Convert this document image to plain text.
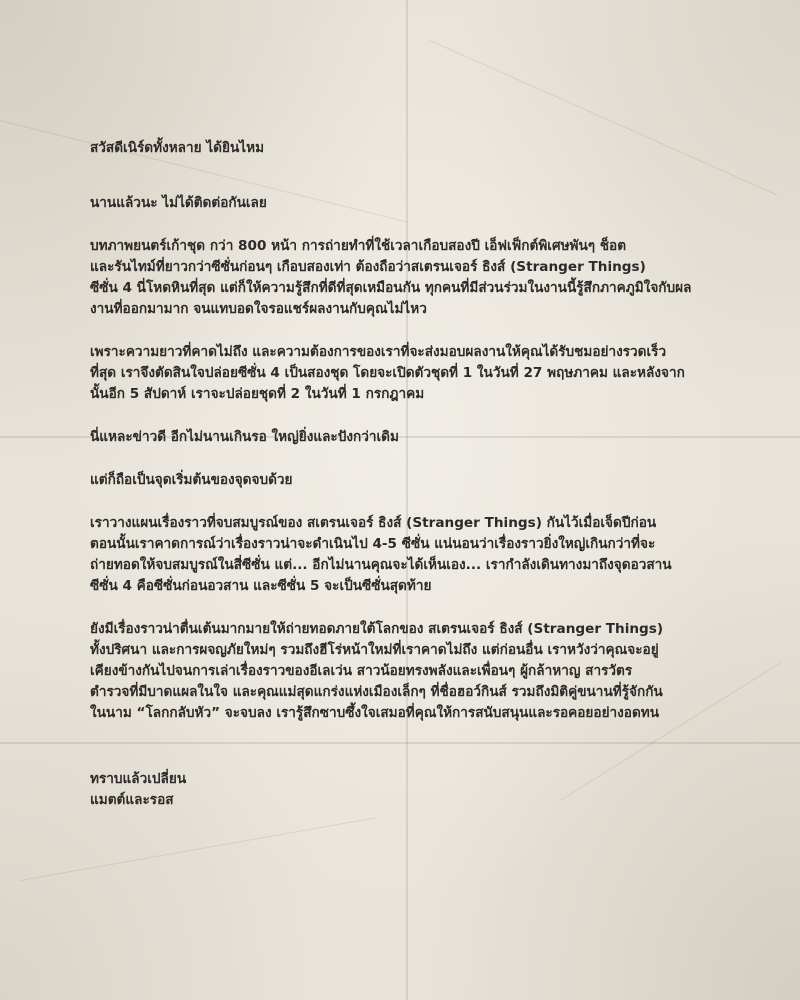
สวัสดีเนิร์ดทั้งหลาย ได้ยินไหม

นานแล้วนะ ไม่ได้ติดต่อกันเลย

บทภาพยนตร์เก้าชุด กว่า 800 หน้า การถ่ายทำที่ใช้เวลาเกือบสองปี เอ็ฟเฟ็กต์พิเศษพันๆ ช็อต
และรันไทม์ที่ยาวกว่าซีซั่นก่อนๆ เกือบสองเท่า ต้องถือว่าสเตรนเจอร์ ธิงส์ (Stranger Things)
ซีซั่น 4 นี่โหดหินที่สุด แต่ก็ให้ความรู้สึกที่ดีที่สุดเหมือนกัน ทุกคนที่มีส่วนร่วมในงานนี้รู้สึกภาคภูมิใจกับผล
งานที่ออกมามาก จนแทบอดใจรอแชร์ผลงานกับคุณไม่ไหว
เพราะความยาวที่คาดไม่ถึง และความต้องการของเราที่จะส่งมอบผลงานให้คุณได้รับชมอย่างรวดเร็ว
ที่สุด เราจึงตัดสินใจปล่อยซีซั่น 4 เป็นสองชุด โดยจะเปิดตัวชุดที่ 1 ในวันที่ 27 พฤษภาคม และหลังจาก
นั้นอีก 5 สัปดาห์ เราจะปล่อยชุดที่ 2 ในวันที่ 1 กรกฎาคม
นี่แหละข่าวดี อีกไม่นานเกินรอ ใหญ่ยิ่งและปังกว่าเดิม
แต่ก็ถือเป็นจุดเริ่มต้นของจุดจบด้วย
เราวางแผนเรื่องราวที่จบสมบูรณ์ของ สเตรนเจอร์ ธิงส์ (Stranger Things) กันไว้เมื่อเจ็ดปีก่อน
ตอนนั้นเราคาดการณ์ว่าเรื่องราวน่าจะดำเนินไป 4-5 ซีซั่น แน่นอนว่าเรื่องราวยิ่งใหญ่เกินกว่าที่จะ
ถ่ายทอดให้จบสมบูรณ์ในสี่ซีซั่น แต่... อีกไม่นานคุณจะได้เห็นเอง... เรากำลังเดินทางมาถึงจุดอวสาน
ซีซั่น 4 คือซีซั่นก่อนอวสาน และซีซั่น 5 จะเป็นซีซั่นสุดท้าย
ยังมีเรื่องราวน่าตื่นเต้นมากมายให้ถ่ายทอดภายใต้โลกของ สเตรนเจอร์ ธิงส์ (Stranger Things)
ทั้งปริศนา และการผจญภัยใหม่ๆ รวมถึงฮีโร่หน้าใหม่ที่เราคาดไม่ถึง แต่ก่อนอื่น เราหวังว่าคุณจะอยู่
เคียงข้างกันไปจนการเล่าเรื่องราวของอีเลเว่น สาวน้อยทรงพลังและเพื่อนๆ ผู้กล้าหาญ สารวัตร
ตำรวจที่มีบาดแผลในใจ และคุณแม่สุดแกร่งแห่งเมืองเล็กๆ ที่ชื่อฮอว์กินส์ รวมถึงมิติคู่ขนานที่รู้จักกัน
ในนาม “โลกกลับหัว” จะจบลง เรารู้สึกซาบซึ้งใจเสมอที่คุณให้การสนับสนุนและรอคอยอย่างอดทน
ทราบแล้วเปลี่ยน
แมตต์และรอส
